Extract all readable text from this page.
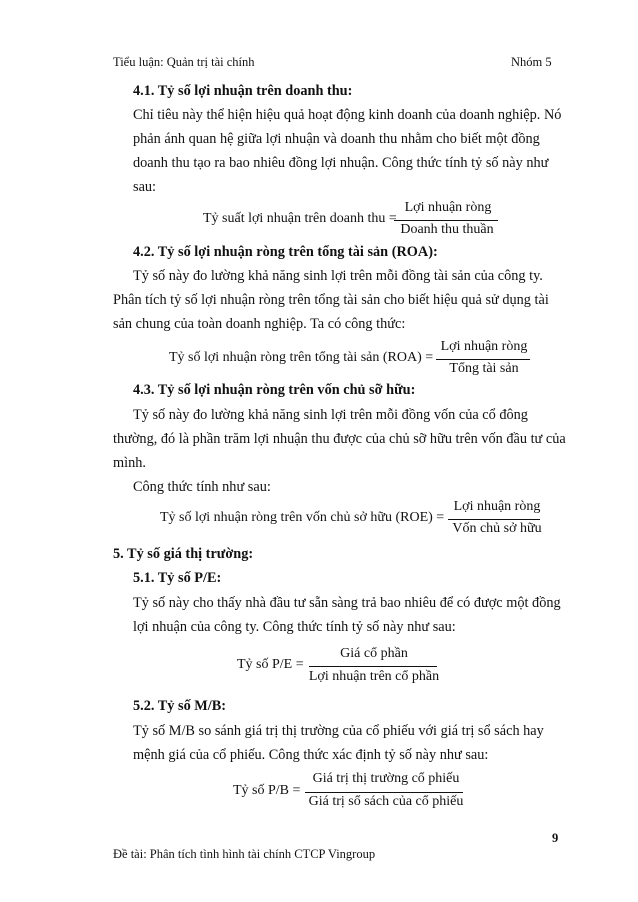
Tiểu luận: Quản trị tài chính	Nhóm 5
4.1. Tỷ số lợi nhuận trên doanh thu:
Chỉ tiêu này thể hiện hiệu quả hoạt động kinh doanh của doanh nghiệp. Nó
phản ánh quan hệ giữa lợi nhuận và doanh thu nhằm cho biết một đồng
doanh thu tạo ra bao nhiêu đồng lợi nhuận. Công thức tính tỷ số này như
sau:
Tỷ suất lợi nhuận trên doanh thu =
Lợi nhuận ròng
Doanh thu thuần
4.2. Tỷ số lợi nhuận ròng trên tổng tài sản (ROA):
Tỷ số này đo lường khả năng sinh lợi trên mỗi đồng tài sản của công ty.
Phân tích tỷ số lợi nhuận ròng trên tổng tài sản cho biết hiệu quả sử dụng tài
sản chung của toàn doanh nghiệp. Ta có công thức:
Tỷ số lợi nhuận ròng trên tổng tài sản (ROA) =
Lợi nhuận ròng
Tổng tài sản
4.3. Tỷ số lợi nhuận ròng trên vốn chủ sỡ hữu:
Tỷ số này đo lường khả năng sinh lợi trên mỗi đồng vốn của cổ đông
thường, đó là phần trăm lợi nhuận thu được của chủ sỡ hữu trên vốn đầu tư của
mình.
Công thức tính như sau:
Tỷ số lợi nhuận ròng trên vốn chủ sở hữu (ROE) =
Lợi nhuận ròng
Vốn chủ sở hữu
5. Tỷ số giá thị trường:
5.1. Tỷ số P/E:
Tỷ số này cho thấy nhà đầu tư sẵn sàng trả bao nhiêu để có được một đồng
lợi nhuận của công ty. Công thức tính tỷ số này như sau:
Tỷ số P/E =
Giá cổ phần
Lợi nhuận trên cổ phần
5.2. Tỷ số M/B:
Tỷ số M/B so sánh giá trị thị trường của cổ phiếu với giá trị sổ sách hay
mệnh giá của cổ phiếu. Công thức xác định tỷ số này như sau:
Tỷ số P/B =
Giá trị thị trường cổ phiếu
Giá trị sổ sách của cổ phiếu
9
Đề tài: Phân tích tình hình tài chính CTCP Vingroup
